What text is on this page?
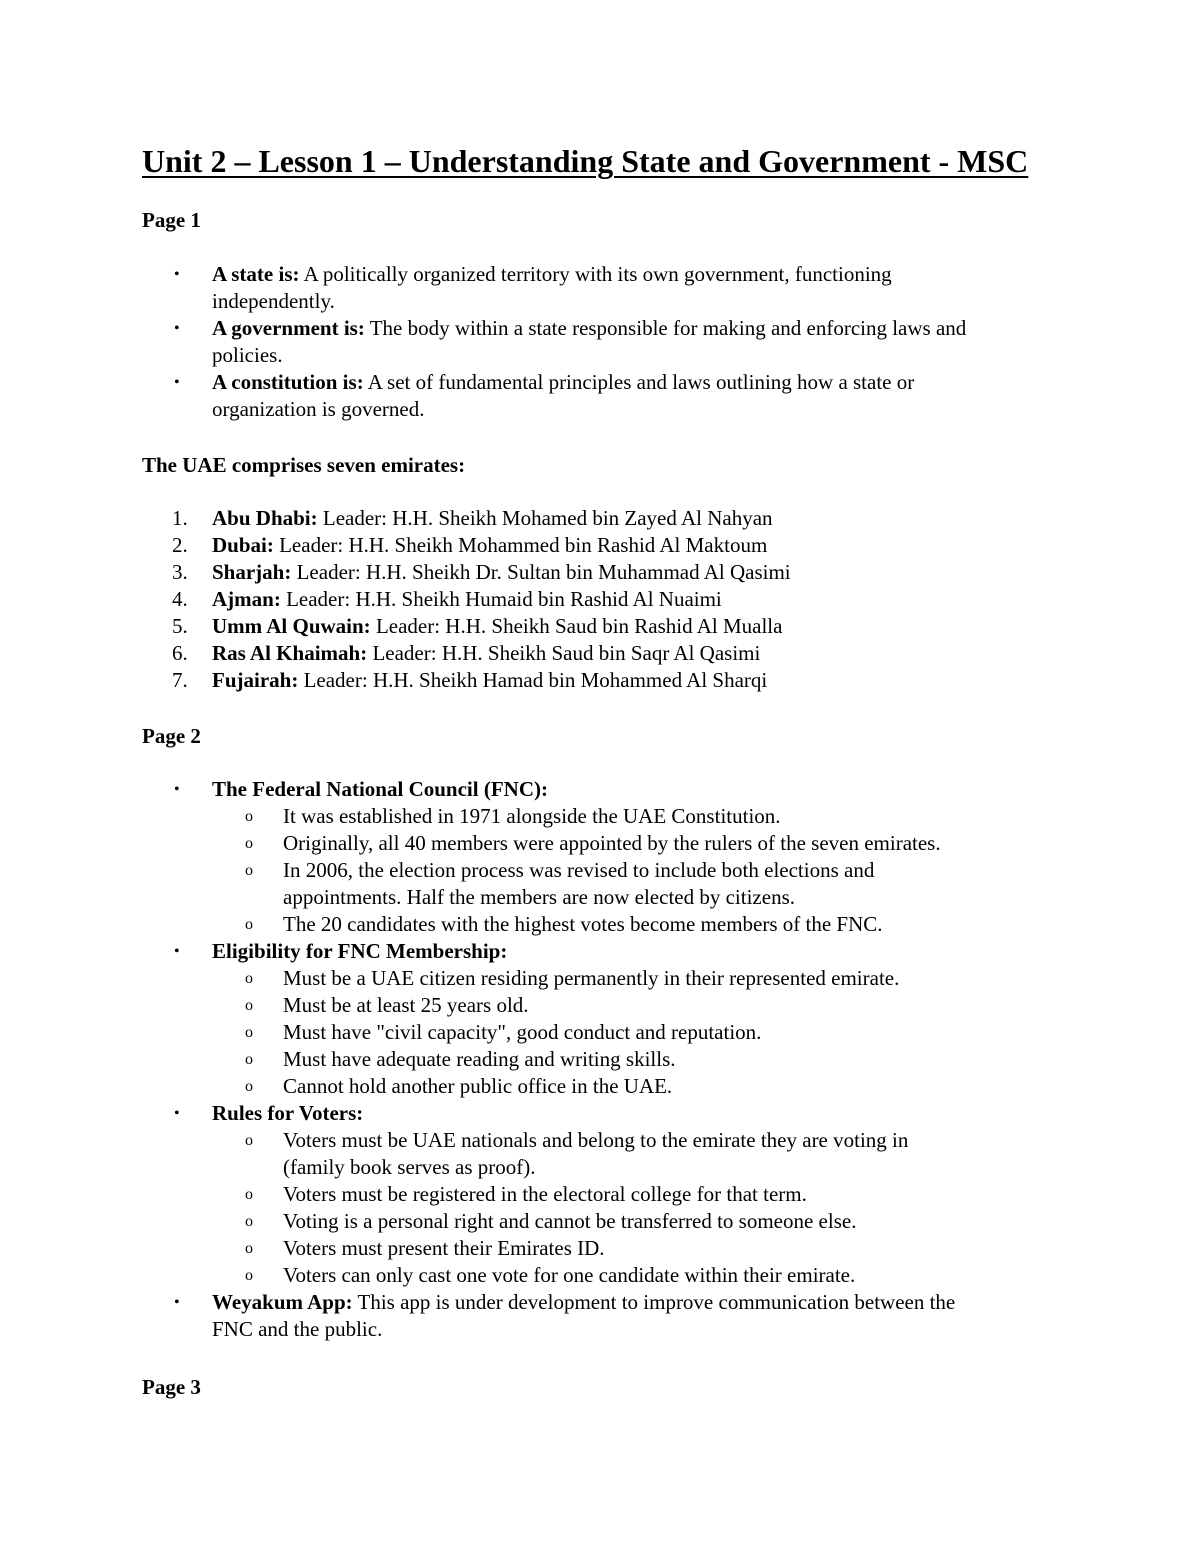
Unit 2 – Lesson 1 – Understanding State and Government - MSC
Page 1
• A state is: A politically organized territory with its own government, functioning
independently.
• A government is: The body within a state responsible for making and enforcing laws and
policies.
• A constitution is: A set of fundamental principles and laws outlining how a state or
organization is governed.
The UAE comprises seven emirates:
1. Abu Dhabi: Leader: H.H. Sheikh Mohamed bin Zayed Al Nahyan
2. Dubai: Leader: H.H. Sheikh Mohammed bin Rashid Al Maktoum
3. Sharjah: Leader: H.H. Sheikh Dr. Sultan bin Muhammad Al Qasimi
4. Ajman: Leader: H.H. Sheikh Humaid bin Rashid Al Nuaimi
5. Umm Al Quwain: Leader: H.H. Sheikh Saud bin Rashid Al Mualla
6. Ras Al Khaimah: Leader: H.H. Sheikh Saud bin Saqr Al Qasimi
7. Fujairah: Leader: H.H. Sheikh Hamad bin Mohammed Al Sharqi
Page 2
• The Federal National Council (FNC):
o It was established in 1971 alongside the UAE Constitution.
o Originally, all 40 members were appointed by the rulers of the seven emirates.
o In 2006, the election process was revised to include both elections and
appointments. Half the members are now elected by citizens.
o The 20 candidates with the highest votes become members of the FNC.
• Eligibility for FNC Membership:
o Must be a UAE citizen residing permanently in their represented emirate.
o Must be at least 25 years old.
o Must have "civil capacity", good conduct and reputation.
o Must have adequate reading and writing skills.
o Cannot hold another public office in the UAE.
• Rules for Voters:
o Voters must be UAE nationals and belong to the emirate they are voting in
(family book serves as proof).
o Voters must be registered in the electoral college for that term.
o Voting is a personal right and cannot be transferred to someone else.
o Voters must present their Emirates ID.
o Voters can only cast one vote for one candidate within their emirate.
• Weyakum App: This app is under development to improve communication between the
FNC and the public.
Page 3
